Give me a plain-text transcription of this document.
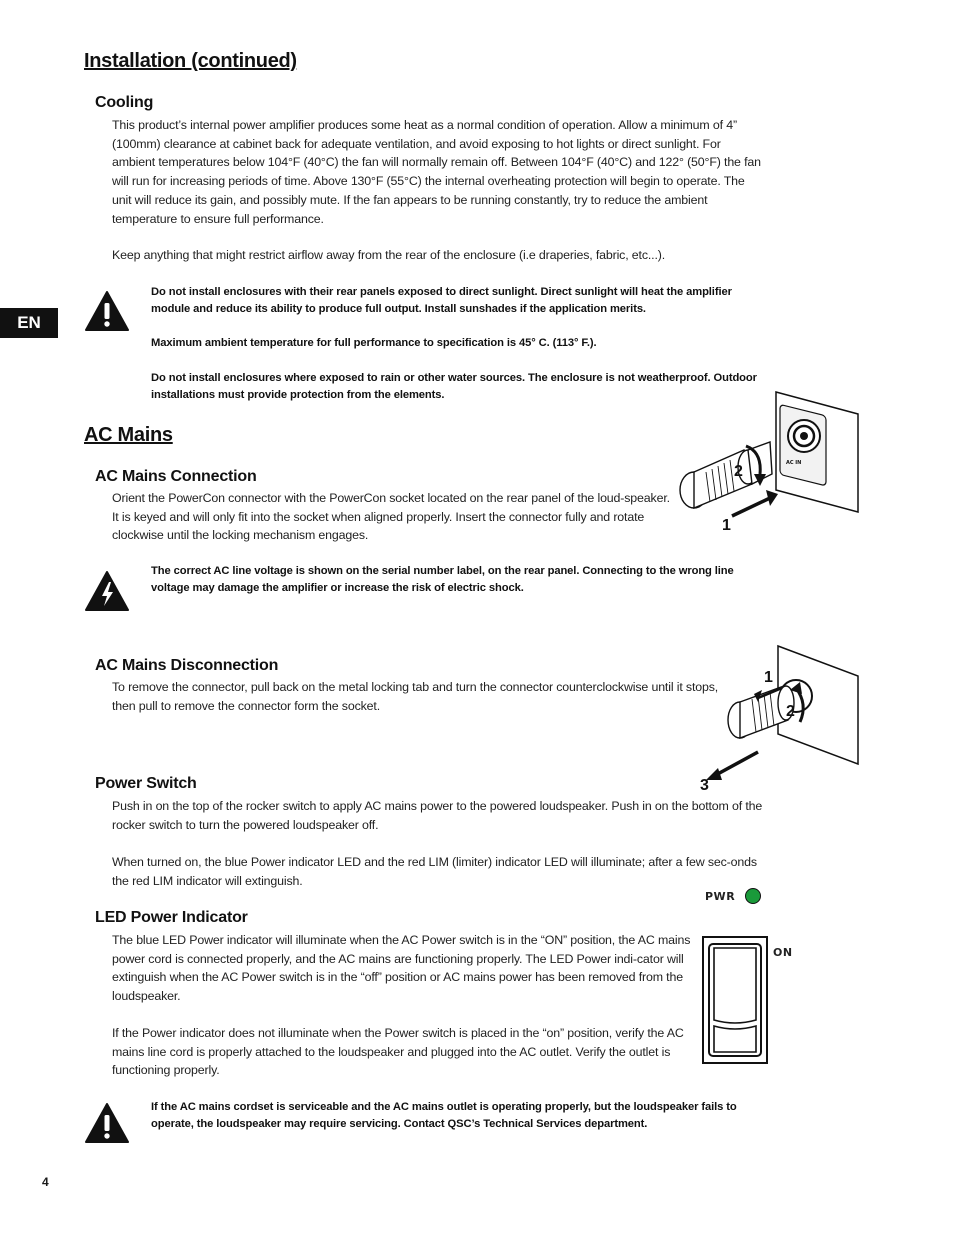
EN
Installation (continued)
Cooling

This product’s internal power amplifier produces some heat as a normal condition of operation. Allow a minimum of 4” (100mm) clearance at cabinet back for adequate ventilation, and avoid exposing to hot lights or direct sunlight. For ambient temperatures below 104°F (40°C) the fan will normally remain off. Between 104°F (40°C) and 122° (50°F) the fan will run for increasing periods of time. Above 130°F (55°C) the internal overheating protection will begin to operate. The unit will reduce its gain, and possibly mute. If the fan appears to be running constantly, try to reduce the ambient temperature to ensure full performance.

Keep anything that might restrict airflow away from the rear of the enclosure (i.e draperies, fabric, etc...).

Do not install enclosures with their rear panels exposed to direct sunlight. Direct sunlight will heat the amplifier module and reduce its ability to produce full output. Install sunshades if the application merits.

Maximum ambient temperature for full performance to specification is 45° C. (113° F.).

Do not install enclosures where exposed to rain or other water sources. The enclosure is not weatherproof. Outdoor installations must provide protection from the elements.

AC Mains
AC Mains Connection

Orient the PowerCon connector with the PowerCon socket located on the rear panel of the loud-speaker. It is keyed and will only fit into the socket when aligned properly. Insert the connector fully and rotate clockwise until the locking mechanism engages.

AC IN
2
1

The correct AC line voltage is shown on the serial number label, on the rear panel. Connecting to the wrong line voltage may damage the amplifier or increase the risk of electric shock.

AC Mains Disconnection

To remove the connector, pull back on the metal locking tab and turn the connector counterclockwise until it stops, then pull to remove the connector form the socket.

1
2
3
Power Switch

Push in on the top of the rocker switch to apply AC mains power to the powered loudspeaker. Push in on the bottom of the rocker switch to turn the powered loudspeaker off.

When turned on, the blue Power indicator LED and the red LIM (limiter) indicator LED will illuminate; after a few sec-onds the red LIM indicator will extinguish.

PWR
LED Power Indicator

The blue LED Power indicator will illuminate when the AC Power switch is in the “ON” position, the AC mains power cord is connected properly, and the AC mains are functioning properly. The LED Power indi-cator will extinguish when the AC Power switch is in the “off” position or AC mains power has been removed from the loudspeaker.

If the Power indicator does not illuminate when the Power switch is placed in the “on” position, verify the AC mains line cord is properly attached to the loudspeaker and plugged into the AC outlet. Verify the outlet is functioning properly.

ON

If the AC mains cordset is serviceable and the AC mains outlet is operating properly, but the loudspeaker fails to operate, the loudspeaker may require servicing. Contact QSC’s Technical Services department.

4
